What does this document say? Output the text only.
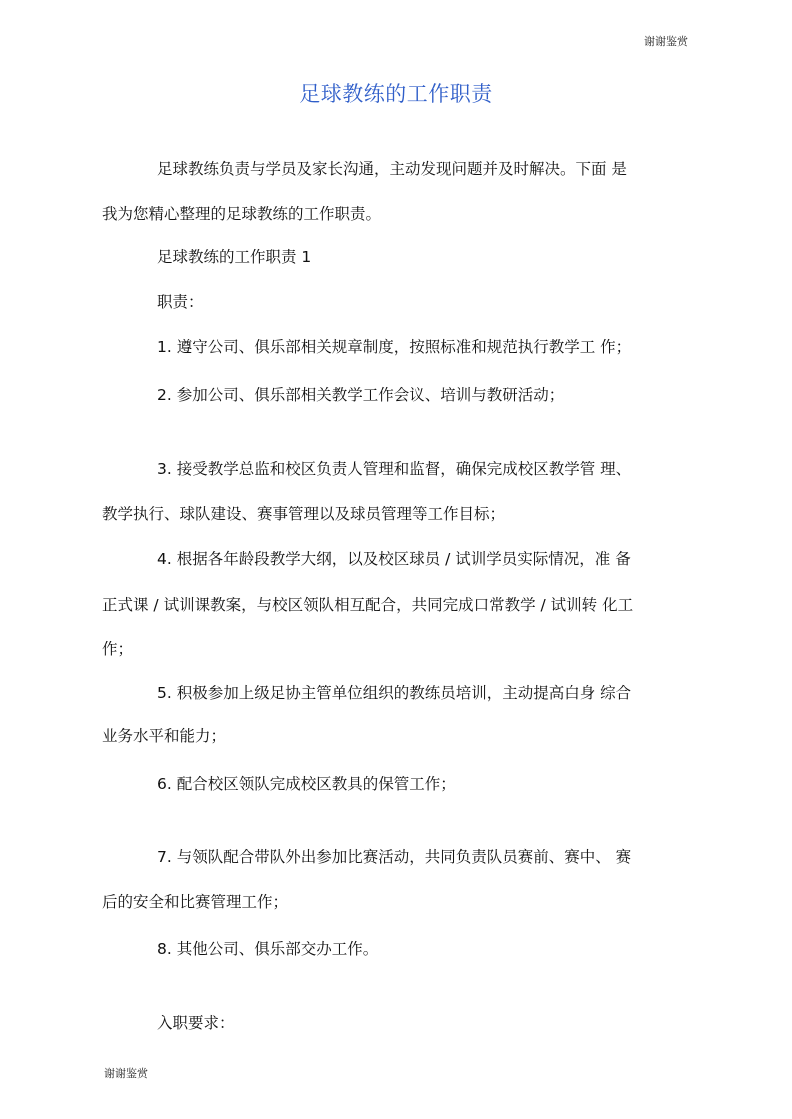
谢谢鉴赏
足球教练的工作职责
足球教练负责与学员及家长沟通，主动发现问题并及时解决。下面 是
我为您精心整理的足球教练的工作职责。
足球教练的工作职责 1
职责：
1. 遵守公司、俱乐部相关规章制度，按照标准和规范执行教学工 作；
2. 参加公司、俱乐部相关教学工作会议、培训与教研活动；
3. 接受教学总监和校区负责人管理和监督，确保完成校区教学管 理、
教学执行、球队建设、赛事管理以及球员管理等工作目标；
4. 根据各年龄段教学大纲，以及校区球员 / 试训学员实际情况，准 备
正式课 / 试训课教案，与校区领队相互配合，共同完成口常教学 / 试训转 化工
作；
5. 积极参加上级足协主管单位组织的教练员培训，主动提高白身 综合
业务水平和能力；
6. 配合校区领队完成校区教具的保管工作；
7. 与领队配合带队外出参加比赛活动，共同负责队员赛前、赛中、 赛
后的安全和比赛管理工作；
8. 其他公司、俱乐部交办工作。
入职要求：
谢谢鉴赏
